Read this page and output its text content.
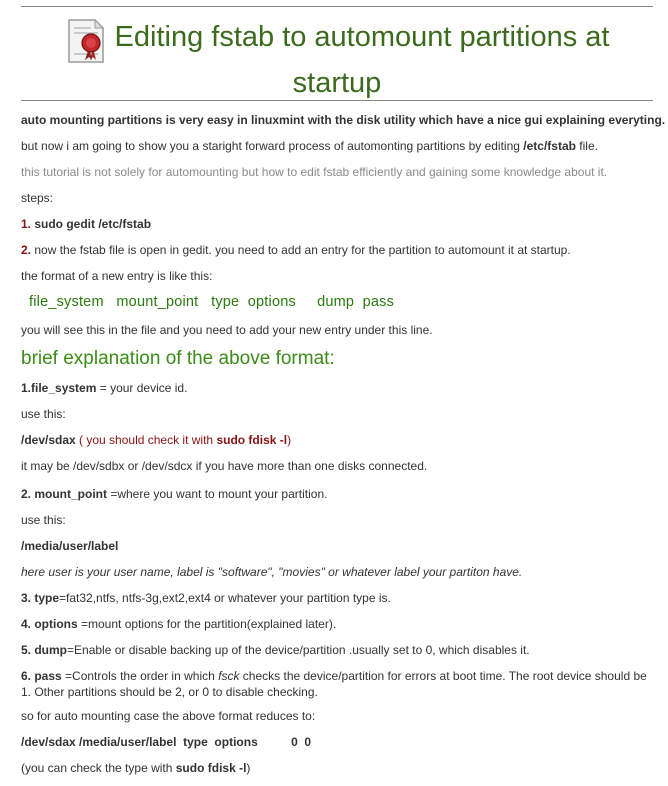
Editing fstab to automount partitions at
startup
auto mounting partitions is very easy in linuxmint with the disk utility which have a nice gui explaining everyting.
but now i am going to show you a staright forward process of automonting partitions by editing /etc/fstab file.
this tutorial is not solely for automounting but how to edit fstab efficiently and gaining some knowledge about it.
steps:
1. sudo gedit /etc/fstab
2. now the fstab file is open in gedit. you need to add an entry for the partition to automount it at startup.
the format of a new entry is like this:
file_system   mount_point   type  options     dump  pass
you will see this in the file and you need to add your new entry under this line.
brief explanation of the above format:
1.file_system = your device id.
use this:
/dev/sdax ( you should check it with sudo fdisk -l)
it may be /dev/sdbx or /dev/sdcx if you have more than one disks connected.
2. mount_point =where you want to mount your partition.
use this:
/media/user/label
here user is your user name, label is "software", "movies" or whatever label your partiton have.
3. type=fat32,ntfs, ntfs-3g,ext2,ext4 or whatever your partition type is.
4. options =mount options for the partition(explained later).
5. dump=Enable or disable backing up of the device/partition .usually set to 0, which disables it.
6. pass =Controls the order in which fsck checks the device/partition for errors at boot time. The root device should be 1. Other partitions should be 2, or 0 to disable checking.
so for auto mounting case the above format reduces to:
/dev/sdax /media/user/label  type  options          0  0
(you can check the type with sudo fdisk -l)
